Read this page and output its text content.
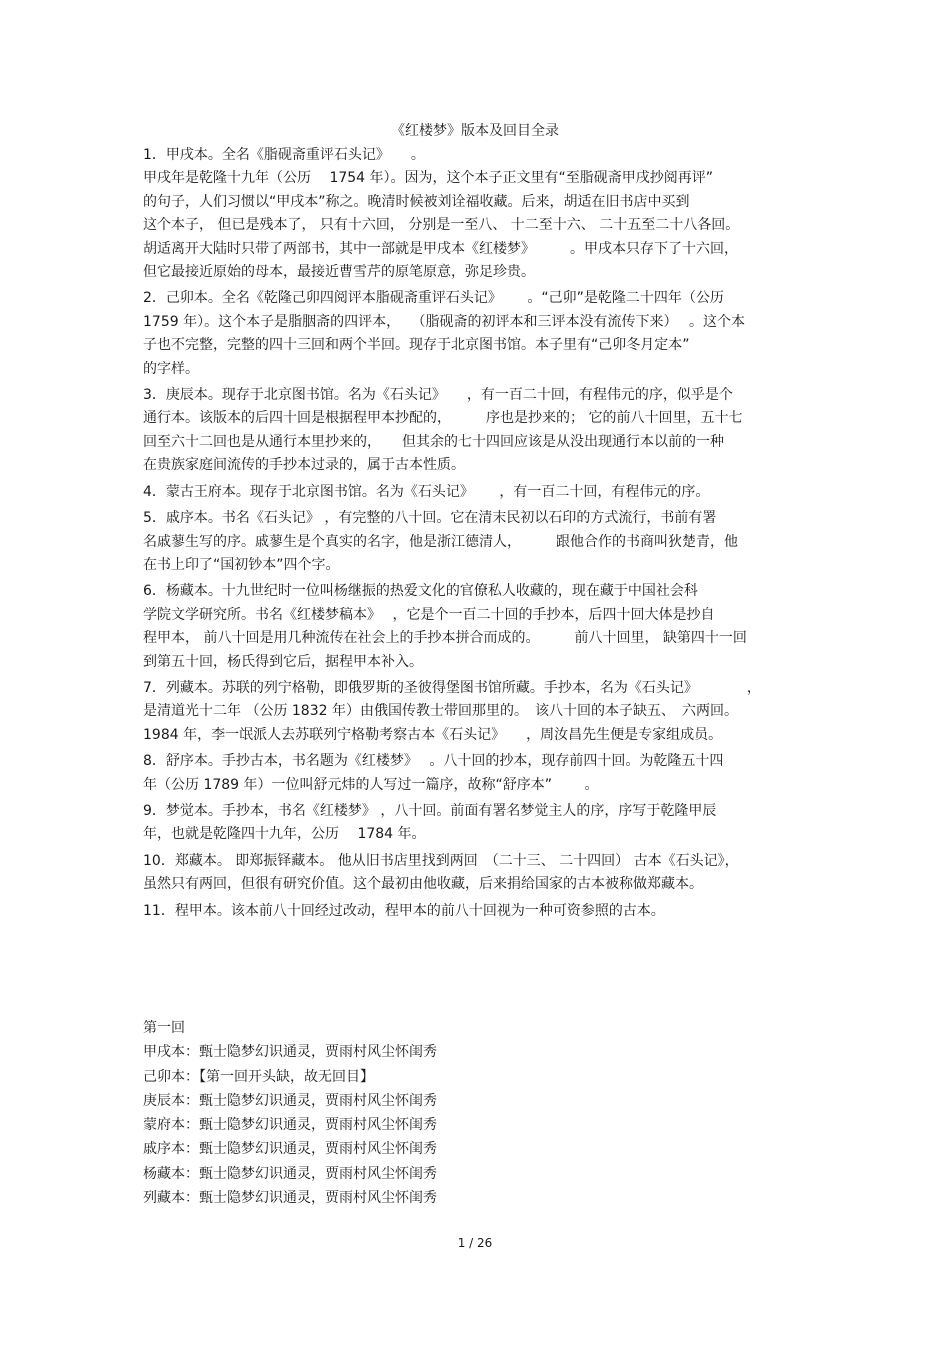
《红楼梦》版本及回目全录
1．甲戌本。全名《脂砚斋重评石头记》　　。
甲戌年是乾隆十九年（公历　 1754 年）。因为，这个本子正文里有“至脂砚斋甲戌抄阅再评”
的句子，人们习惯以“甲戌本”称之。晚清时候被刘诠福收藏。后来，胡适在旧书店中买到
这个本子， 但已是残本了， 只有十六回， 分别是一至八、 十二至十六、 二十五至二十八各回。
胡适离开大陆时只带了两部书，其中一部就是甲戌本《红楼梦》　　　。甲戌本只存下了十六回，
但它最接近原始的母本，最接近曹雪芹的原笔原意，弥足珍贵。
2．己卯本。全名《乾隆己卯四阅评本脂砚斋重评石头记》　　 。“己卯”是乾隆二十四年（公历
1759 年）。这个本子是脂胭斋的四评本，　 （脂砚斋的初评本和三评本没有流传下来）　 。这个本
子也不完整，完整的四十三回和两个半回。现存于北京图书馆。本子里有“己卯冬月定本”
的字样。
3．庚辰本。现存于北京图书馆。名为《石头记》　　，有一百二十回，有程伟元的序，似乎是个
通行本。该版本的后四十回是根据程甲本抄配的，　　　序也是抄来的； 它的前八十回里，五十七
回至六十二回也是从通行本里抄来的，　　但其余的七十四回应该是从没出现通行本以前的一种
在贵族家庭间流传的手抄本过录的，属于古本性质。
4．蒙古王府本。现存于北京图书馆。名为《石头记》　　 ，有一百二十回，有程伟元的序。
5．戚序本。书名《石头记》 ，有完整的八十回。它在清末民初以石印的方式流行，书前有署
名戚蓼生写的序。戚蓼生是个真实的名字，他是浙江德清人，　　　跟他合作的书商叫狄楚青，他
在书上印了“国初钞本”四个字。
6．杨藏本。十九世纪时一位叫杨继振的热爱文化的官僚私人收藏的，现在藏于中国社会科
学院文学研究所。书名《红楼梦稿本》　 ，它是个一百二十回的手抄本，后四十回大体是抄自
程甲本， 前八十回是用几种流传在社会上的手抄本拼合而成的。　　　前八十回里， 缺第四十一回
到第五十回，杨氏得到它后，据程甲本补入。
7．列藏本。苏联的列宁格勒，即俄罗斯的圣彼得堡图书馆所藏。手抄本，名为《石头记》　　　　，
是清道光十二年 （公历 1832 年）由俄国传教士带回那里的。　该八十回的本子缺五、　六两回。
1984 年，李一氓派人去苏联列宁格勒考察古本《石头记》　　，周汝昌先生便是专家组成员。
8．舒序本。手抄古本，书名题为《红楼梦》　 。八十回的抄本，现存前四十回。为乾隆五十四
年（公历 1789 年）一位叫舒元炜的人写过一篇序，故称“舒序本”　　 。
9．梦觉本。手抄本，书名《红楼梦》 ，八十回。前面有署名梦觉主人的序，序写于乾隆甲辰
年，也就是乾隆四十九年，公历　 1784 年。
10．郑藏本。 即郑振铎藏本。 他从旧书店里找到两回　（二十三、 二十四回） 古本《石头记》，
虽然只有两回，但很有研究价值。这个最初由他收藏，后来捐给国家的古本被称做郑藏本。
11．程甲本。该本前八十回经过改动，程甲本的前八十回视为一种可资参照的古本。
第一回
甲戌本：甄士隐梦幻识通灵，贾雨村风尘怀闺秀
己卯本：【第一回开头缺，故无回目】
庚辰本：甄士隐梦幻识通灵，贾雨村风尘怀闺秀
蒙府本：甄士隐梦幻识通灵，贾雨村风尘怀闺秀
戚序本：甄士隐梦幻识通灵，贾雨村风尘怀闺秀
杨藏本：甄士隐梦幻识通灵，贾雨村风尘怀闺秀
列藏本：甄士隐梦幻识通灵，贾雨村风尘怀闺秀
1 / 26
